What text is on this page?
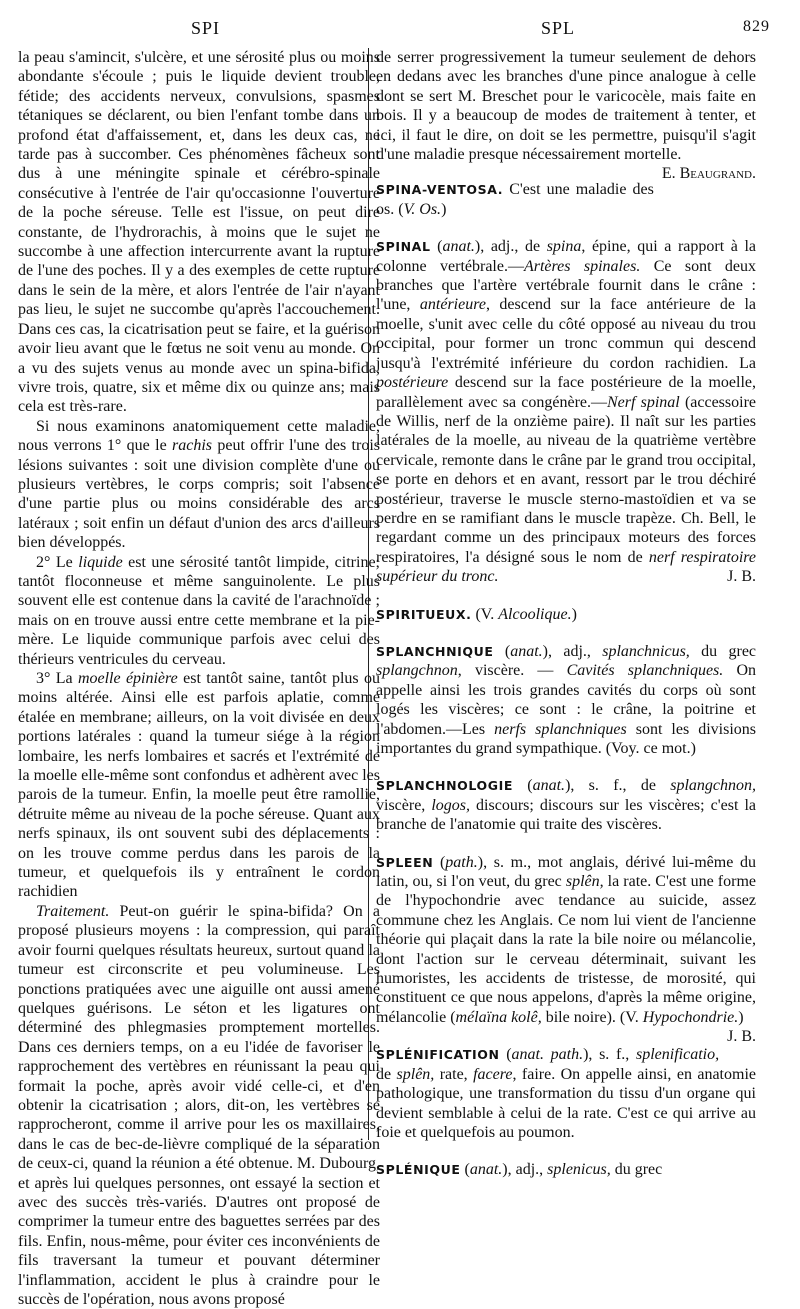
SPI	SPL	829

la peau s'amincit, s'ulcère, et une sérosité plus ou moins abondante s'écoule ; puis le liquide devient trouble, fétide; des accidents nerveux, convulsions, spasmes tétaniques se déclarent, ou bien l'enfant tombe dans un profond état d'affaissement, et, dans les deux cas, ne tarde pas à succomber. Ces phénomènes fâcheux sont dus à une méningite spinale et cérébro-spinale consécutive à l'entrée de l'air qu'occasionne l'ouverture de la poche séreuse. Telle est l'issue, on peut dire constante, de l'hydrorachis, à moins que le sujet ne succombe à une affection intercurrente avant la rupture de l'une des poches. Il y a des exemples de cette rupture dans le sein de la mère, et alors l'entrée de l'air n'ayant pas lieu, le sujet ne succombe qu'après l'accouchement. Dans ces cas, la cicatrisation peut se faire, et la guérison avoir lieu avant que le fœtus ne soit venu au monde. On a vu des sujets venus au monde avec un spina-bifida, vivre trois, quatre, six et même dix ou quinze ans; mais cela est très-rare.

Si nous examinons anatomiquement cette maladie, nous verrons 1° que le rachis peut offrir l'une des trois lésions suivantes : soit une division complète d'une ou plusieurs vertèbres, le corps compris; soit l'absence d'une partie plus ou moins considérable des arcs latéraux ; soit enfin un défaut d'union des arcs d'ailleurs bien développés.

2° Le liquide est une sérosité tantôt limpide, citrine; tantôt floconneuse et même sanguinolente. Le plus souvent elle est contenue dans la cavité de l'arachnoïde ; mais on en trouve aussi entre cette membrane et la pie-mère. Le liquide communique parfois avec celui des thérieurs ventricules du cerveau.

3° La moelle épinière est tantôt saine, tantôt plus ou moins altérée. Ainsi elle est parfois aplatie, comme étalée en membrane; ailleurs, on la voit divisée en deux portions latérales : quand la tumeur siége à la région lombaire, les nerfs lombaires et sacrés et l'extrémité de la moelle elle-même sont confondus et adhèrent avec les parois de la tumeur. Enfin, la moelle peut être ramollie, détruite même au niveau de la poche séreuse. Quant aux nerfs spinaux, ils ont souvent subi des déplacements : on les trouve comme perdus dans les parois de la tumeur, et quelquefois ils y entraînent le cordon rachidien

Traitement. Peut-on guérir le spina-bifida? On a proposé plusieurs moyens : la compression, qui paraît avoir fourni quelques résultats heureux, surtout quand la tumeur est circonscrite et peu volumineuse. Les ponctions pratiquées avec une aiguille ont aussi amené quelques guérisons. Le séton et les ligatures ont déterminé des phlegmasies promptement mortelles. Dans ces derniers temps, on a eu l'idée de favoriser le rapprochement des vertèbres en réunissant la peau qui formait la poche, après avoir vidé celle-ci, et d'en obtenir la cicatrisation ; alors, dit-on, les vertèbres se rapprocheront, comme il arrive pour les os maxillaires, dans le cas de bec-de-lièvre compliqué de la séparation de ceux-ci, quand la réunion a été obtenue. M. Dubourg, et après lui quelques personnes, ont essayé la section et avec des succès très-variés. D'autres ont proposé de comprimer la tumeur entre des baguettes serrées par des fils. Enfin, nous-même, pour éviter ces inconvénients de fils traversant la tumeur et pouvant déterminer l'inflammation, accident le plus à craindre pour le succès de l'opération, nous avons proposé

de serrer progressivement la tumeur seulement de dehors en dedans avec les branches d'une pince analogue à celle dont se sert M. Breschet pour le varicocèle, mais faite en bois. Il y a beaucoup de modes de traitement à tenter, et ici, il faut le dire, on doit se les permettre, puisqu'il s'agit d'une maladie presque nécessairement mortelle.
E. Beaugrand.

SPINA-VENTOSA. C'est une maladie des os. (V. Os.)

SPINAL (anat.), adj., de spina, épine, qui a rapport à la colonne vertébrale.—Artères spinales. Ce sont deux branches que l'artère vertébrale fournit dans le crâne : l'une, antérieure, descend sur la face antérieure de la moelle, s'unit avec celle du côté opposé au niveau du trou occipital, pour former un tronc commun qui descend jusqu'à l'extrémité inférieure du cordon rachidien. La postérieure descend sur la face postérieure de la moelle, parallèlement avec sa congénère.—Nerf spinal (accessoire de Willis, nerf de la onzième paire). Il naît sur les parties latérales de la moelle, au niveau de la quatrième vertèbre cervicale, remonte dans le crâne par le grand trou occipital, se porte en dehors et en avant, ressort par le trou déchiré postérieur, traverse le muscle sterno-mastoïdien et va se perdre en se ramifiant dans le muscle trapèze. Ch. Bell, le regardant comme un des principaux moteurs des forces respiratoires, l'a désigné sous le nom de nerf respiratoire supérieur du tronc.	J. B.

SPIRITUEUX. (V. Alcoolique.)

SPLANCHNIQUE (anat.), adj., splanchnicus, du grec splangchnon, viscère. — Cavités splanchniques. On appelle ainsi les trois grandes cavités du corps où sont logés les viscères; ce sont : le crâne, la poitrine et l'abdomen.—Les nerfs splanchniques sont les divisions importantes du grand sympathique. (Voy. ce mot.)

SPLANCHNOLOGIE (anat.), s. f., de splangchnon, viscère, logos, discours; discours sur les viscères; c'est la branche de l'anatomie qui traite des viscères.

SPLEEN (path.), s. m., mot anglais, dérivé lui-même du latin, ou, si l'on veut, du grec splên, la rate. C'est une forme de l'hypochondrie avec tendance au suicide, assez commune chez les Anglais. Ce nom lui vient de l'ancienne théorie qui plaçait dans la rate la bile noire ou mélancolie, dont l'action sur le cerveau déterminait, suivant les humoristes, les accidents de tristesse, de morosité, qui constituent ce que nous appelons, d'après la même origine, mélancolie (mélaïna kolê, bile noire). (V. Hypochondrie.)
J. B.

SPLÉNIFICATION (anat. path.), s. f., splenificatio, de splên, rate, facere, faire. On appelle ainsi, en anatomie pathologique, une transformation du tissu d'un organe qui devient semblable à celui de la rate. C'est ce qui arrive au foie et quelquefois au poumon.

SPLÉNIQUE (anat.), adj., splenicus, du grec
